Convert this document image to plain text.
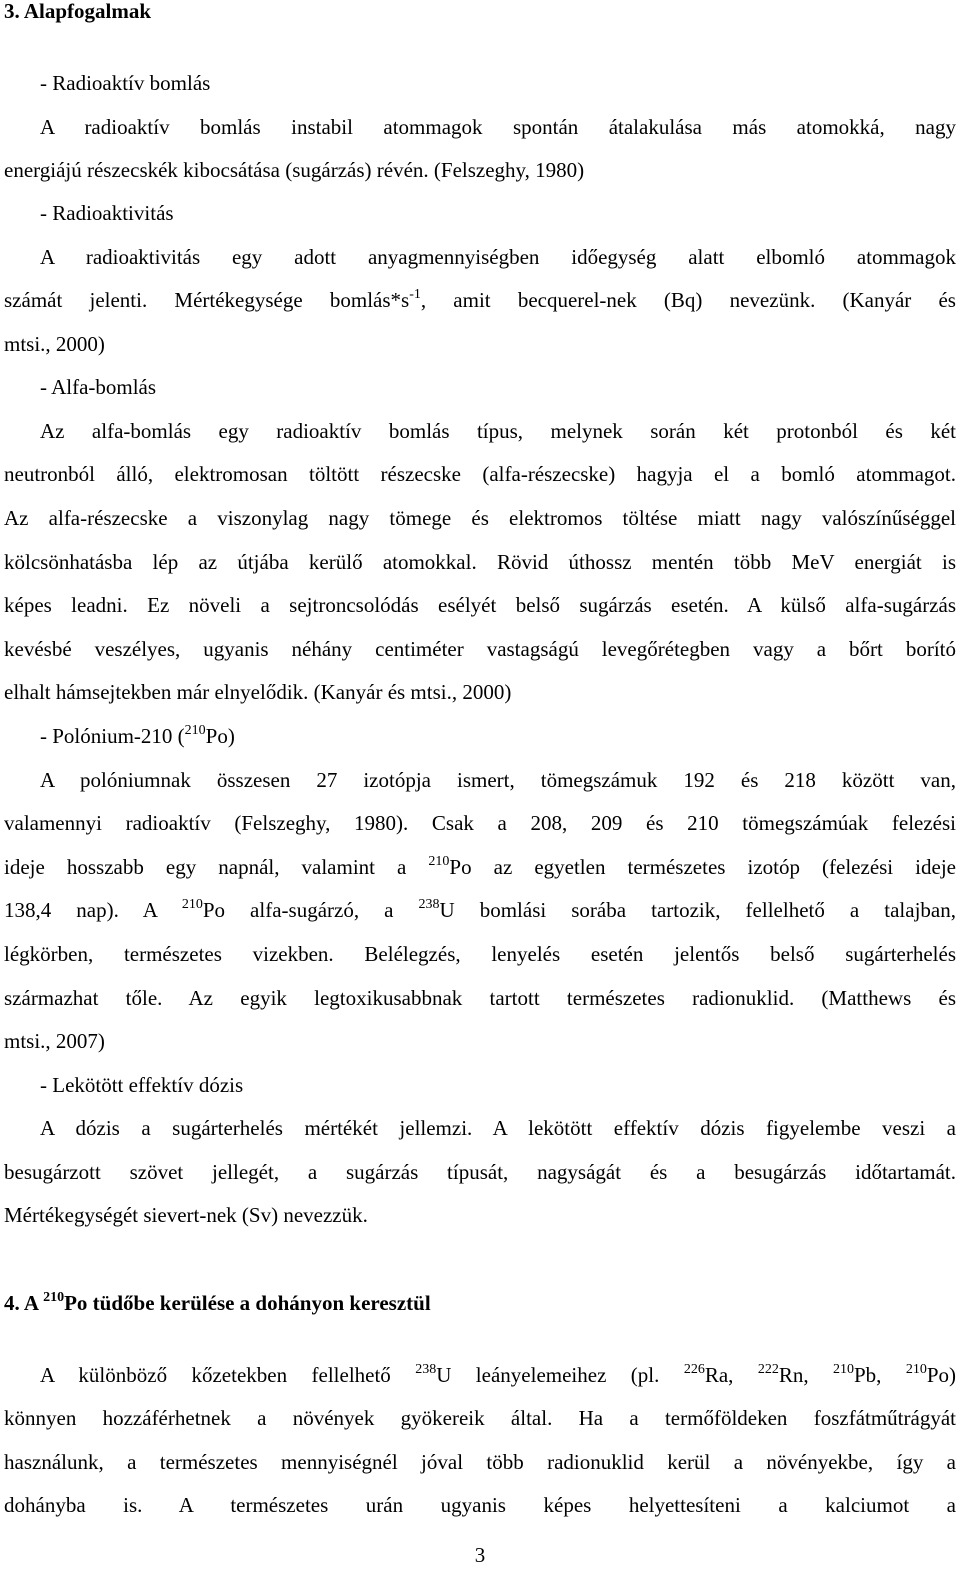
3. Alapfogalmak
- Radioaktív bomlás
A radioaktív bomlás instabil atommagok spontán átalakulása más atomokká, nagy
energiájú részecskék kibocsátása (sugárzás) révén. (Felszeghy, 1980)
- Radioaktivitás
A radioaktivitás egy adott anyagmennyiségben időegység alatt elbomló atommagok
számát jelenti. Mértékegysége $bomlás*s^{-1}$, amit becquerel-nek (Bq) nevezünk. (Kanyár és
mtsi., 2000)
- Alfa-bomlás
Az alfa-bomlás egy radioaktív bomlás típus, melynek során két protonból és két
neutronból álló, elektromosan töltött részecske (alfa-részecske) hagyja el a bomló atommagot.
Az alfa-részecske a viszonylag nagy tömege és elektromos töltése miatt nagy valószínűséggel
kölcsönhatásba lép az útjába kerülő atomokkal. Rövid úthossz mentén több MeV energiát is
képes leadni. Ez növeli a sejtroncsolódás esélyét belső sugárzás esetén. A külső alfa-sugárzás
kevésbé veszélyes, ugyanis néhány centiméter vastagságú levegőrétegben vagy a bőrt borító
elhalt hámsejtekben már elnyelődik. (Kanyár és mtsi., 2000)
- Polónium-210 ($^{210}$Po)
A polóniumnak összesen 27 izotópja ismert, tömegszámuk 192 és 218 között van,
valamennyi radioaktív (Felszeghy, 1980). Csak a 208, 209 és 210 tömegszámúak felezési
ideje hosszabb egy napnál, valamint a $^{210}$Po az egyetlen természetes izotóp (felezési ideje
138,4 nap). A $^{210}$Po alfa-sugárzó, a $^{238}$U bomlási sorába tartozik, fellelhető a talajban,
légkörben, természetes vizekben. Belélegzés, lenyelés esetén jelentős belső sugárterhelés
származhat tőle. Az egyik legtoxikusabbnak tartott természetes radionuklid. (Matthews és
mtsi., 2007)
- Lekötött effektív dózis
A dózis a sugárterhelés mértékét jellemzi. A lekötött effektív dózis figyelembe veszi a
besugárzott szövet jellegét, a sugárzás típusát, nagyságát és a besugárzás időtartamát.
Mértékegységét sievert-nek (Sv) nevezzük.
4. A $^{210}$Po tüdőbe kerülése a dohányon keresztül
A különböző kőzetekben fellelhető $^{238}$U leányelemeihez (pl. $^{226}$Ra, $^{222}$Rn, $^{210}$Pb, $^{210}$Po)
könnyen hozzáférhetnek a növények gyökereik által. Ha a termőföldeken foszfátműtrágyát
használunk, a természetes mennyiségnél jóval több radionuklid kerül a növényekbe, így a
dohányba is. A természetes urán ugyanis képes helyettesíteni a kalciumot a
3
